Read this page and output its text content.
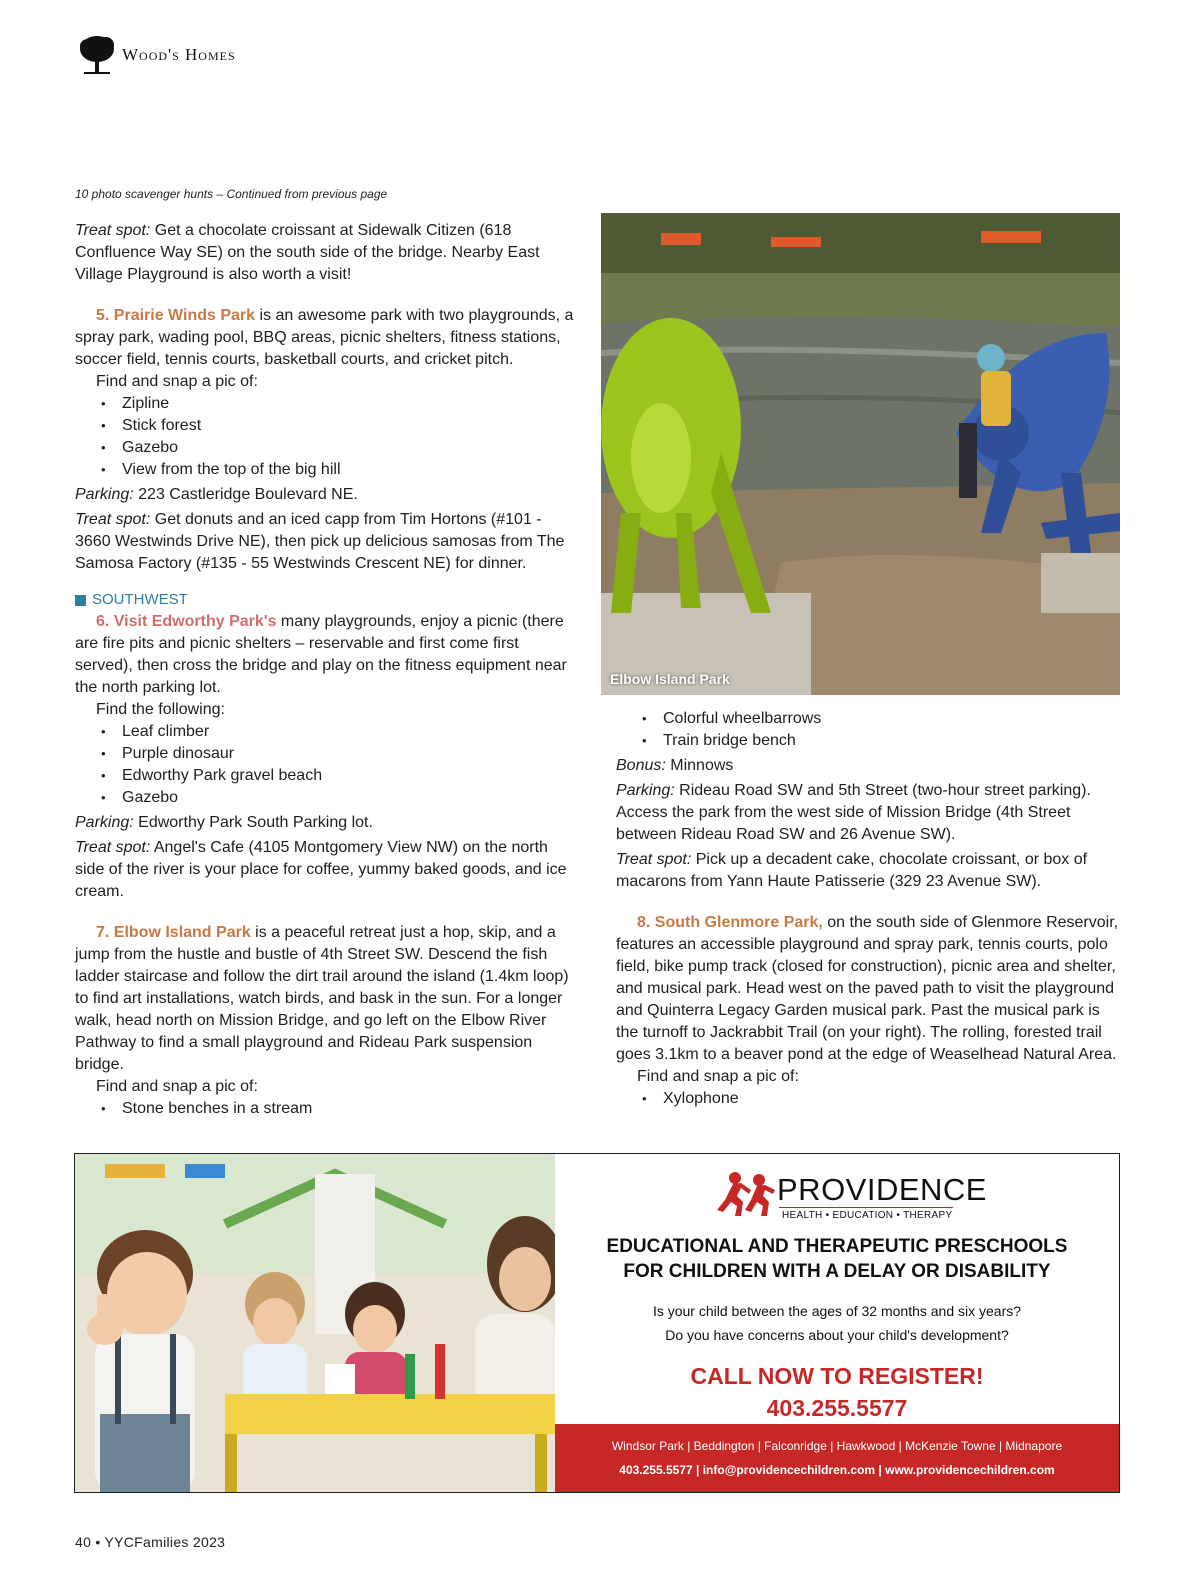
Wood's Homes
10 photo scavenger hunts – Continued from previous page

Treat spot: Get a chocolate croissant at Sidewalk Citizen (618 Confluence Way SE) on the south side of the bridge. Nearby East Village Playground is also worth a visit!

5. Prairie Winds Park is an awesome park with two playgrounds, a spray park, wading pool, BBQ areas, picnic shelters, fitness stations, soccer field, tennis courts, basketball courts, and cricket pitch.

Find and snap a pic of:

• Zipline
• Stick forest
• Gazebo
• View from the top of the big hill

Parking: 223 Castleridge Boulevard NE.

Treat spot: Get donuts and an iced capp from Tim Hortons (#101 - 3660 Westwinds Drive NE), then pick up delicious samosas from The Samosa Factory (#135 - 55 Westwinds Crescent NE) for dinner.

SOUTHWEST

6. Visit Edworthy Park's many playgrounds, enjoy a picnic (there are fire pits and picnic shelters – reservable and first come first served), then cross the bridge and play on the fitness equipment near the north parking lot.

Find the following:

• Leaf climber
• Purple dinosaur
• Edworthy Park gravel beach
• Gazebo

Parking: Edworthy Park South Parking lot.

Treat spot: Angel's Cafe (4105 Montgomery View NW) on the north side of the river is your place for coffee, yummy baked goods, and ice cream.

7. Elbow Island Park is a peaceful retreat just a hop, skip, and a jump from the hustle and bustle of 4th Street SW. Descend the fish ladder staircase and follow the dirt trail around the island (1.4km loop) to find art installations, watch birds, and bask in the sun. For a longer walk, head north on Mission Bridge, and go left on the Elbow River Pathway to find a small playground and Rideau Park suspension bridge.

Find and snap a pic of:

• Stone benches in a stream
Elbow Island Park
• Colorful wheelbarrows
• Train bridge bench

Bonus: Minnows

Parking: Rideau Road SW and 5th Street (two-hour street parking). Access the park from the west side of Mission Bridge (4th Street between Rideau Road SW and 26 Avenue SW).

Treat spot: Pick up a decadent cake, chocolate croissant, or box of macarons from Yann Haute Patisserie (329 23 Avenue SW).

8. South Glenmore Park, on the south side of Glenmore Reservoir, features an accessible playground and spray park, tennis courts, polo field, bike pump track (closed for construction), picnic area and shelter, and musical park. Head west on the paved path to visit the playground and Quinterra Legacy Garden musical park. Past the musical park is the turnoff to Jackrabbit Trail (on your right). The rolling, forested trail goes 3.1km to a beaver pond at the edge of Weaselhead Natural Area.

Find and snap a pic of:

• Xylophone
PROVIDENCE
HEALTH • EDUCATION • THERAPY
EDUCATIONAL AND THERAPEUTIC PRESCHOOLS
FOR CHILDREN WITH A DELAY OR DISABILITY
Is your child between the ages of 32 months and six years?
Do you have concerns about your child's development?
CALL NOW TO REGISTER!
403.255.5577
Windsor Park | Beddington | Falconridge | Hawkwood | McKenzie Towne | Midnapore
403.255.5577 | info@providencechildren.com | www.providencechildren.com
40 • YYCFamilies 2023
